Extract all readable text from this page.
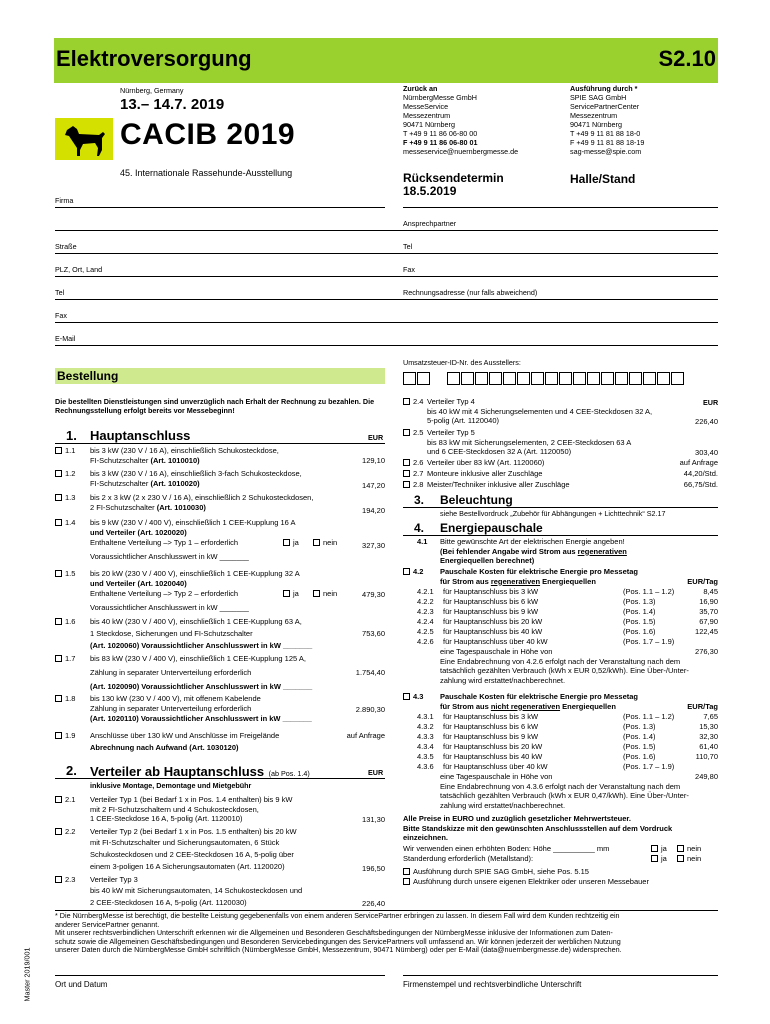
Elektroversorgung	S2.10
Nürnberg, Germany
13.– 14.7. 2019
CACIB 2019
45. Internationale Rassehunde-Ausstellung
Zurück an
NürnbergMesse GmbH
MesseService
Messezentrum
90471 Nürnberg
T +49 9 11 86 06-80 00
F +49 9 11 86 06-80 01
messeservice@nuernbergmesse.de
Ausführung durch *
SPIE SAG GmbH
ServicePartnerCenter
Messezentrum
90471 Nürnberg
T +49 9 11 81 88 18-0
F +49 9 11 81 88 18-19
sag-messe@spie.com
Rücksendetermin
18.5.2019
Halle/Stand
Firma
Ansprechpartner
Straße	Tel
PLZ, Ort, Land	Fax
Tel	Rechnungsadresse (nur falls abweichend)
Fax
E-Mail
Umsatzsteuer-ID-Nr. des Ausstellers:
Bestellung
Die bestellten Dienstleistungen sind unverzüglich nach Erhalt der Rechnung zu bezahlen. Die Rechnungsstellung erfolgt bereits vor Messebeginn!
1. Hauptanschluss	EUR
1.1 bis 3 kW (230 V / 16 A), einschließlich Schukosteckdose,
FI-Schutzschalter (Art. 1010010)	129,10
1.2 bis 3 kW (230 V / 16 A), einschließlich 3-fach Schukosteckdose,
FI-Schutzschalter (Art. 1010020)	147,20
1.3 bis 2 x 3 kW (2 x 230 V / 16 A), einschließlich 2 Schukosteckdosen,
2 FI-Schutzschalter (Art. 1010030)	194,20
1.4 bis 9 kW (230 V / 400 V), einschließlich 1 CEE-Kupplung 16 A
und Verteiler (Art. 1020020)
Enthaltene Verteilung –> Typ 1 – erforderlich	ja	nein
Voraussichtlicher Anschlusswert in kW _______
327,30
1.5 bis 20 kW (230 V / 400 V), einschließlich 1 CEE-Kupplung 32 A
und Verteiler (Art. 1020040)
Enthaltene Verteilung –> Typ 2 – erforderlich	ja	nein
Voraussichtlicher Anschlusswert in kW _______
479,30
1.6 bis 40 kW (230 V / 400 V), einschließlich 1 CEE-Kupplung 63 A,
1 Steckdose, Sicherungen und FI-Schutzschalter
(Art. 1020060) Voraussichtlicher Anschlusswert in kW _______
753,60
1.7 bis 83 kW (230 V / 400 V), einschließlich 1 CEE-Kupplung 125 A,
Zählung in separater Unterverteilung erforderlich
(Art. 1020090) Voraussichtlicher Anschlusswert in kW _______
1.754,40
1.8 bis 130 kW (230 V / 400 V), mit offenem Kabelende
Zählung in separater Unterverteilung erforderlich
(Art. 1020110) Voraussichtlicher Anschlusswert in kW _______
2.890,30
1.9 Anschlüsse über 130 kW und Anschlüsse im Freigelände
Abrechnung nach Aufwand (Art. 1030120)
auf Anfrage
2. Verteiler ab Hauptanschluss (ab Pos. 1.4)	EUR
inklusive Montage, Demontage und Mietgebühr
2.1 Verteiler Typ 1 (bei Bedarf 1 x in Pos. 1.4 enthalten) bis 9 kW
mit 2 FI-Schutzschaltern und 4 Schukosteckdosen,
1 CEE-Steckdose 16 A, 5-polig (Art. 1120010)	131,30
2.2 Verteiler Typ 2 (bei Bedarf 1 x in Pos. 1.5 enthalten) bis 20 kW
mit FI-Schutzschalter und Sicherungsautomaten, 6 Stück
Schukosteckdosen und 2 CEE-Steckdosen 16 A, 5-polig über
einem 3-poligen 16 A Sicherungsautomaten (Art. 1120020)	196,50
2.3 Verteiler Typ 3
bis 40 kW mit Sicherungsautomaten, 14 Schukosteckdosen und
2 CEE-Steckdosen 16 A, 5-polig (Art. 1120030)	226,40
EUR
2.4 Verteiler Typ 4
bis 40 kW mit 4 Sicherungselementen und 4 CEE-Steckdosen 32 A,
5-polig (Art. 1120040)	226,40
2.5 Verteiler Typ 5
bis 83 kW mit Sicherungselementen, 2 CEE-Steckdosen 63 A
und 6 CEE-Steckdosen 32 A (Art. 1120050)	303,40
2.6 Verteiler über 83 kW (Art. 1120060)	auf Anfrage
2.7 Monteure inklusive aller Zuschläge	44,20/Std.
2.8 Meister/Techniker inklusive aller Zuschläge	66,75/Std.
3. Beleuchtung
siehe Bestellvordruck „Zubehör für Abhängungen + Lichttechnik“ S2.17
4. Energiepauschale
4.1 Bitte gewünschte Art der elektrischen Energie angeben!
(Bei fehlender Angabe wird Strom aus regenerativen
Energiequellen berechnet)
4.2 Pauschale Kosten für elektrische Energie pro Messetag
für Strom aus regenerativen Energiequellen	EUR/Tag
4.2.1 für Hauptanschluss bis 3 kW	(Pos. 1.1 – 1.2)	8,45
4.2.2 für Hauptanschluss bis 6 kW	(Pos. 1.3)	16,90
4.2.3 für Hauptanschluss bis 9 kW	(Pos. 1.4)	35,70
4.2.4 für Hauptanschluss bis 20 kW	(Pos. 1.5)	67,90
4.2.5 für Hauptanschluss bis 40 kW	(Pos. 1.6)	122,45
4.2.6 für Hauptanschluss über 40 kW	(Pos. 1.7 – 1.9)
eine Tagespauschale in Höhe von
Eine Endabrechnung von 4.2.6 erfolgt nach der Veranstaltung nach dem
tatsächlich gezählten Verbrauch (kWh x EUR 0,52/kWh). Eine Über-/Unter-
zahlung wird erstattet/nachberechnet.
276,30
4.3 Pauschale Kosten für elektrische Energie pro Messetag
für Strom aus nicht regenerativen Energiequellen	EUR/Tag
4.3.1 für Hauptanschluss bis 3 kW	(Pos. 1.1 – 1.2)	7,65
4.3.2 für Hauptanschluss bis 6 kW	(Pos. 1.3)	15,30
4.3.3 für Hauptanschluss bis 9 kW	(Pos. 1.4)	32,30
4.3.4 für Hauptanschluss bis 20 kW	(Pos. 1.5)	61,40
4.3.5 für Hauptanschluss bis 40 kW	(Pos. 1.6)	110,70
4.3.6 für Hauptanschluss über 40 kW	(Pos. 1.7 – 1.9)
eine Tagespauschale in Höhe von
Eine Endabrechnung von 4.3.6 erfolgt nach der Veranstaltung nach dem
tatsächlich gezählten Verbrauch (kWh x EUR 0,47/kWh). Eine Über-/Unter-
zahlung wird erstattet/nachberechnet.
249,80
Alle Preise in EURO und zuzüglich gesetzlicher Mehrwertsteuer.
Bitte Standskizze mit den gewünschten Anschlussstellen auf dem Vordruck
einzeichnen.
Wir verwenden einen erhöhten Boden: Höhe __________ mm	ja	nein
Standerdung erforderlich (Metallstand):	ja	nein
Ausführung durch SPIE SAG GmbH, siehe Pos. 5.15
Ausführung durch unsere eigenen Elektriker oder unseren Messebauer
* Die NürnbergMesse ist berechtigt, die bestellte Leistung gegebenenfalls von einem anderen ServicePartner erbringen zu lassen. In diesem Fall wird dem Kunden rechtzeitig ein
anderer ServicePartner genannt.
Mit unserer rechtsverbindlichen Unterschrift erkennen wir die Allgemeinen und Besonderen Geschäftsbedingungen der NürnbergMesse inklusive der Informationen zum Daten-
schutz sowie die Allgemeinen Geschäftsbedingungen und Besonderen Servicebedingungen des ServicePartners voll umfassend an. Wir können jederzeit der werblichen Nutzung
unserer Daten durch die NürnbergMesse GmbH schriftlich (NürnbergMesse GmbH, Messezentrum, 90471 Nürnberg) oder per E-Mail (data@nuernbergmesse.de) widersprechen.
Ort und Datum	Firmenstempel und rechtsverbindliche Unterschrift
Master 2019/001
